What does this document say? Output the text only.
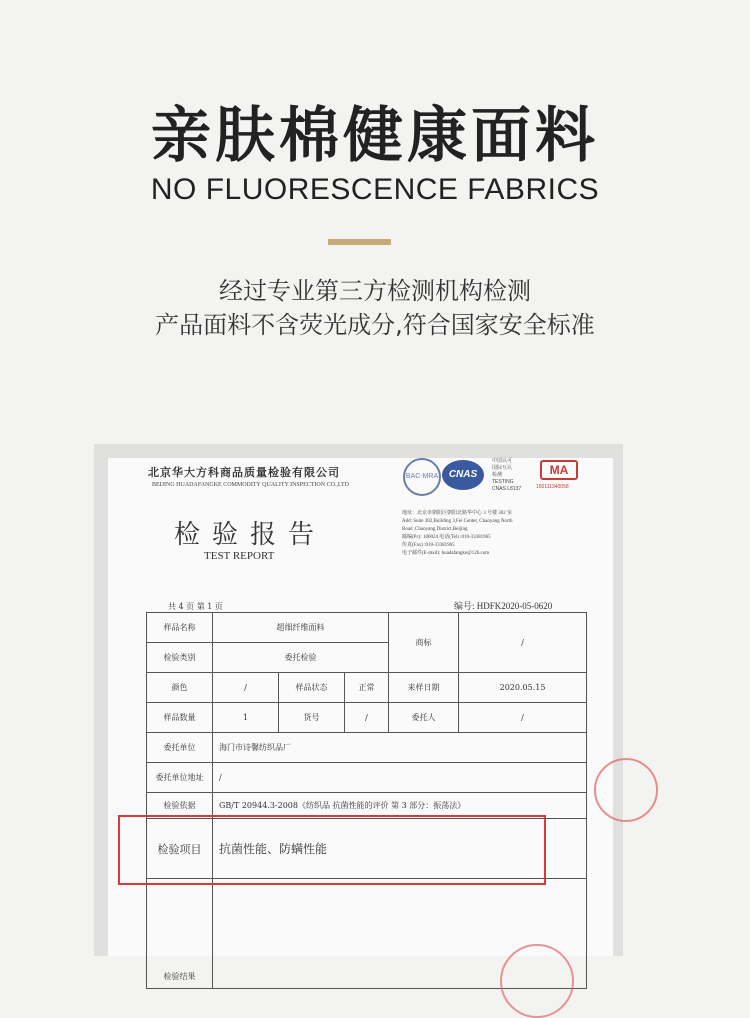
亲肤棉健康面料
NO FLUORESCENCE FABRICS
经过专业第三方检测机构检测
产品面料不含荧光成分,符合国家安全标准
北京华大方科商品质量检验有限公司
BEIJING HUADAFANGKE COMMODITY QUALITY INSPECTION CO.,LTD
BAC-MRA	CNAS
中国认可
国际互认
检测
TESTING
CNAS L8137
MA
150111340058
检验报告
TEST REPORT
地址：北京市朝阳区朝阳北路华中心 3 号楼 302 室
Add: Suite 302,Building 3,Fei Center, Chaoyang North
Road ,Chaoyang District,Beijing
邮编(Pc): 100024 电话(Tel) :010-33381965
传真(Fax) :010-33381965
电子邮件(E-mail): huadafangke@126.com
共 4 页 第 1 页	编号: HDFK2020-05-0620
样品名称	超细纤维面料			商标	/
检验类别	委托检验				
颜色	/	样品状态	正常	来样日期	2020.05.15
样品数量	1	货号	/	委托人	/
委托单位	海门市诗馨纺织品厂				
委托单位地址	/				
检验依据	GB/T 20944.3-2008《纺织品 抗菌性能的评价 第 3 部分：振荡法》				
检验项目	抗菌性能、防螨性能				
检验结果					
